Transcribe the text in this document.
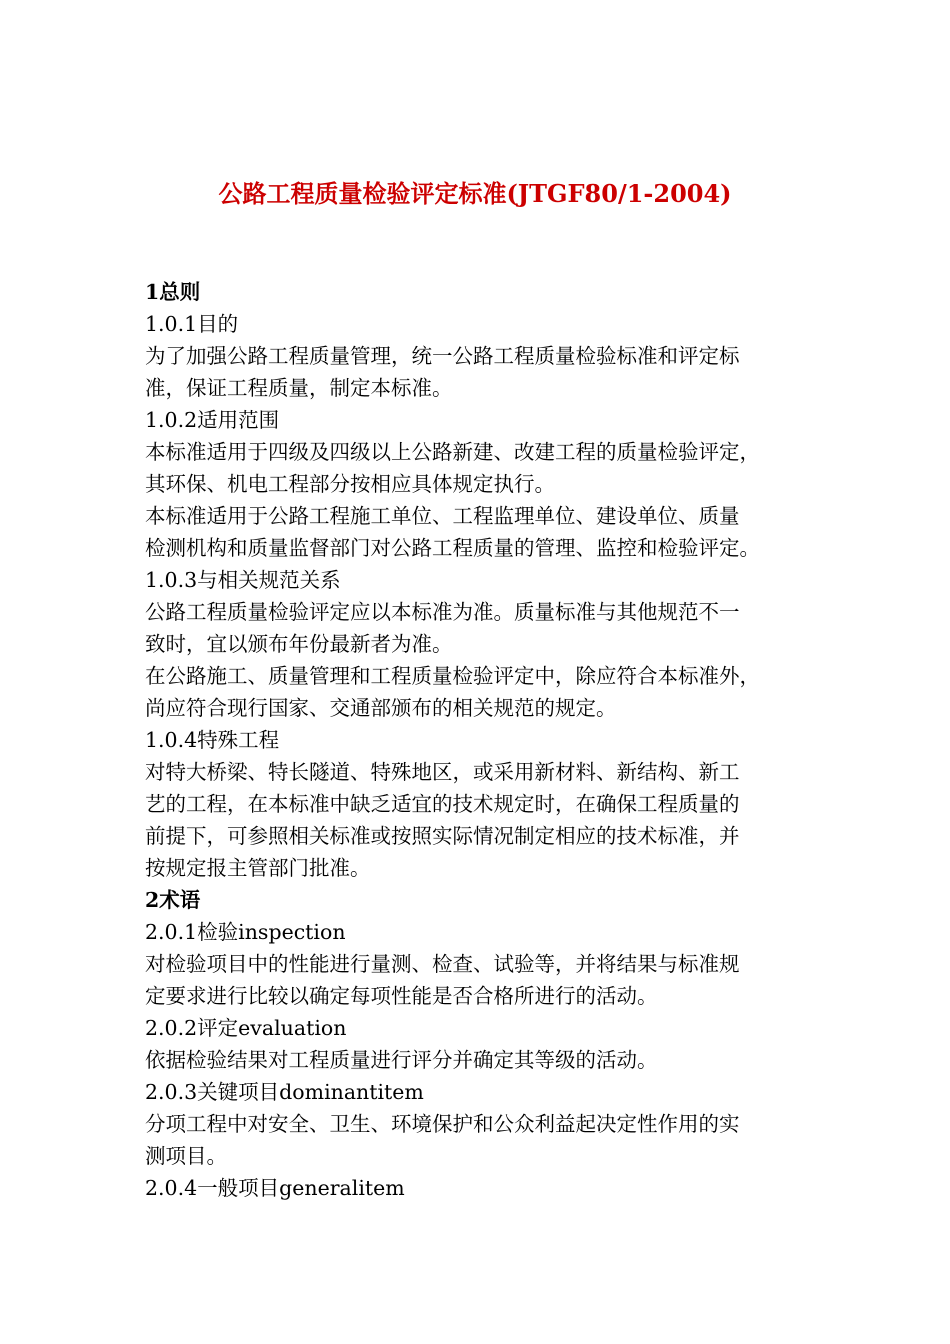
公路工程质量检验评定标准(JTGF80/1-2004)
1总则
1.0.1目的
为了加强公路工程质量管理，统一公路工程质量检验标准和评定标
准，保证工程质量，制定本标准。
1.0.2适用范围
本标准适用于四级及四级以上公路新建、改建工程的质量检验评定，
其环保、机电工程部分按相应具体规定执行。
本标准适用于公路工程施工单位、工程监理单位、建设单位、质量
检测机构和质量监督部门对公路工程质量的管理、监控和检验评定。
1.0.3与相关规范关系
公路工程质量检验评定应以本标准为准。质量标准与其他规范不一
致时，宜以颁布年份最新者为准。
在公路施工、质量管理和工程质量检验评定中，除应符合本标准外，
尚应符合现行国家、交通部颁布的相关规范的规定。
1.0.4特殊工程
对特大桥梁、特长隧道、特殊地区，或采用新材料、新结构、新工
艺的工程，在本标准中缺乏适宜的技术规定时，在确保工程质量的
前提下，可参照相关标准或按照实际情况制定相应的技术标准，并
按规定报主管部门批准。
2术语
2.0.1检验inspection
对检验项目中的性能进行量测、检查、试验等，并将结果与标准规
定要求进行比较以确定每项性能是否合格所进行的活动。
2.0.2评定evaluation
依据检验结果对工程质量进行评分并确定其等级的活动。
2.0.3关键项目dominantitem
分项工程中对安全、卫生、环境保护和公众利益起决定性作用的实
测项目。
2.0.4一般项目generalitem
